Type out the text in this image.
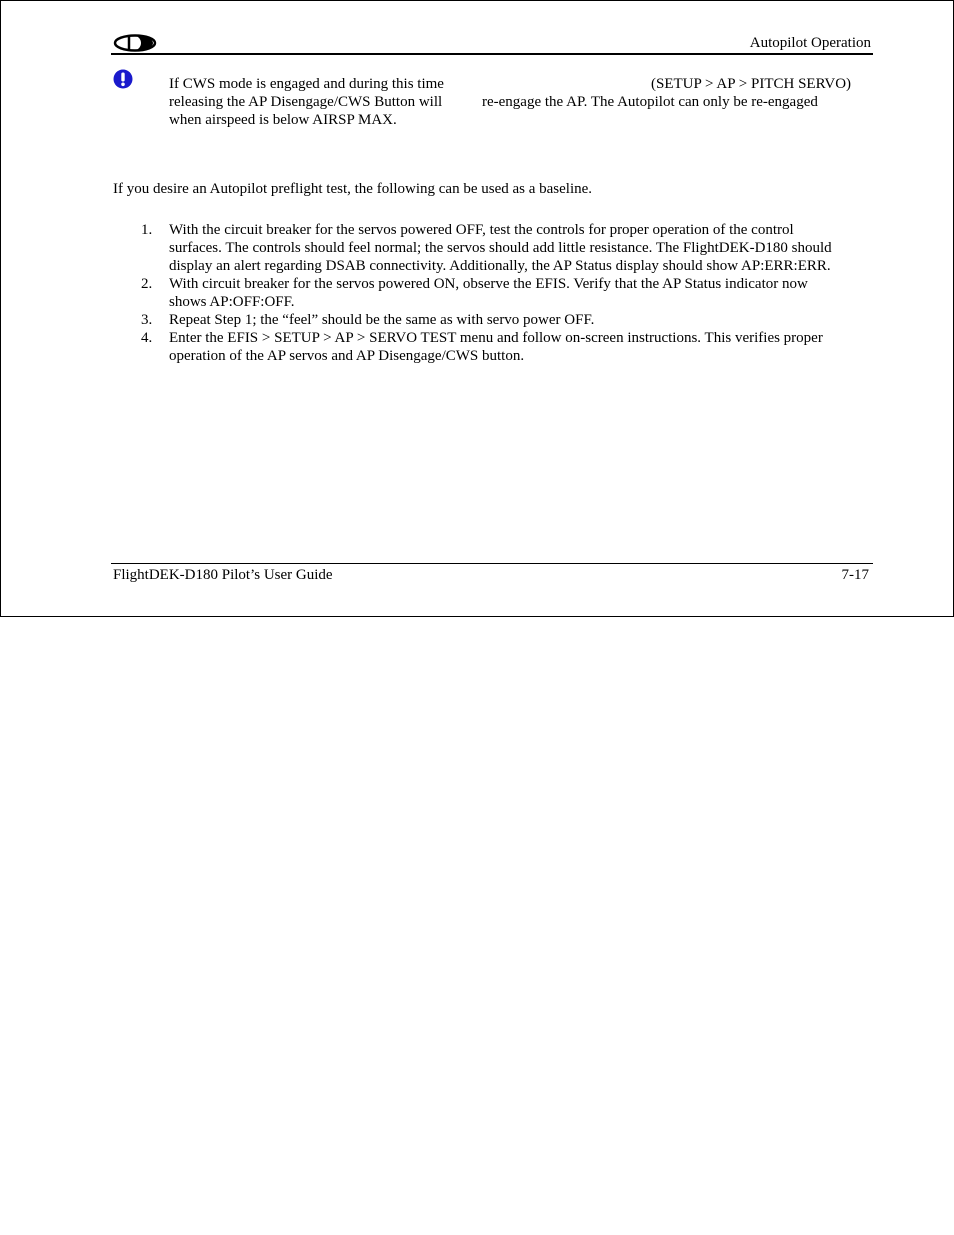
Autopilot Operation
If CWS mode is engaged and during this time	(SETUP > AP > PITCH SERVO)
releasing the AP Disengage/CWS Button will	re-engage the AP. The Autopilot can only be re-engaged
when airspeed is below AIRSP MAX.
If you desire an Autopilot preflight test, the following can be used as a baseline.
1. With the circuit breaker for the servos powered OFF, test the controls for proper operation of the control
surfaces. The controls should feel normal; the servos should add little resistance. The FlightDEK-D180 should
display an alert regarding DSAB connectivity. Additionally, the AP Status display should show AP:ERR:ERR.
2. With circuit breaker for the servos powered ON, observe the EFIS. Verify that the AP Status indicator now
shows AP:OFF:OFF.
3. Repeat Step 1; the “feel” should be the same as with servo power OFF.
4. Enter the EFIS > SETUP > AP > SERVO TEST menu and follow on-screen instructions. This verifies proper
operation of the AP servos and AP Disengage/CWS button.
FlightDEK-D180 Pilot’s User Guide	7-17
